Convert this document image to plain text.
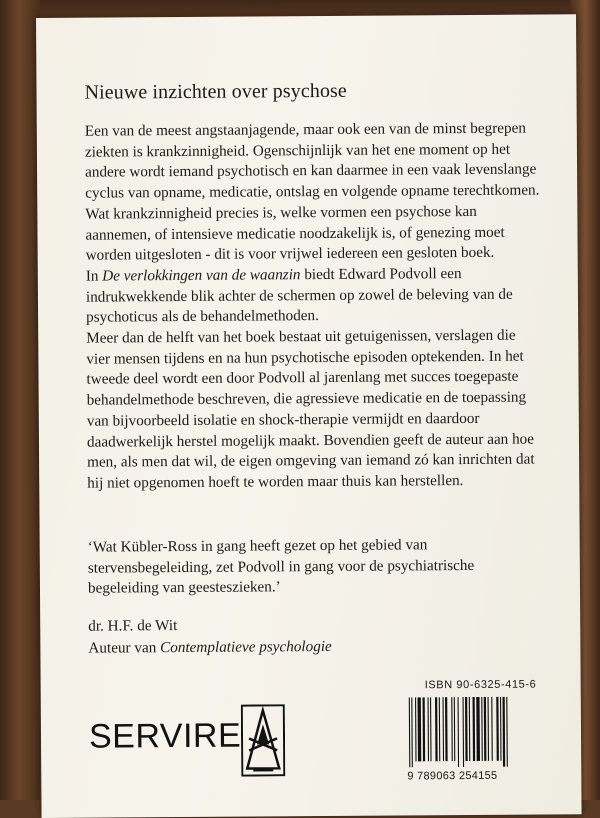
Nieuwe inzichten over psychose

Een van de meest angstaanjagende, maar ook een van de minst begrepen ziekten is krankzinnigheid. Ogenschijnlijk van het ene moment op het andere wordt iemand psychotisch en kan daarmee in een vaak levenslange cyclus van opname, medicatie, ontslag en volgende opname terechtkomen.

Wat krankzinnigheid precies is, welke vormen een psychose kan aannemen, of intensieve medicatie noodzakelijk is, of genezing moet worden uitgesloten - dit is voor vrijwel iedereen een gesloten boek.

In De verlokkingen van de waanzin biedt Edward Podvoll een indrukwekkende blik achter de schermen op zowel de beleving van de psychoticus als de behandelmethoden.

Meer dan de helft van het boek bestaat uit getuigenissen, verslagen die vier mensen tijdens en na hun psychotische episoden optekenden. In het tweede deel wordt een door Podvoll al jarenlang met succes toegepaste behandelmethode beschreven, die agressieve medicatie en de toepassing van bijvoorbeeld isolatie en shock-therapie vermijdt en daardoor daadwerkelijk herstel mogelijk maakt. Bovendien geeft de auteur aan hoe men, als men dat wil, de eigen omgeving van iemand zó kan inrichten dat hij niet opgenomen hoeft te worden maar thuis kan herstellen.

‘Wat Kübler-Ross in gang heeft gezet op het gebied van stervensbegeleiding, zet Podvoll in gang voor de psychiatrische begeleiding van geesteszieken.’

dr. H.F. de Wit
Auteur van Contemplatieve psychologie
SERVIRE
ISBN 90-6325-415-6
9 789063 254155
